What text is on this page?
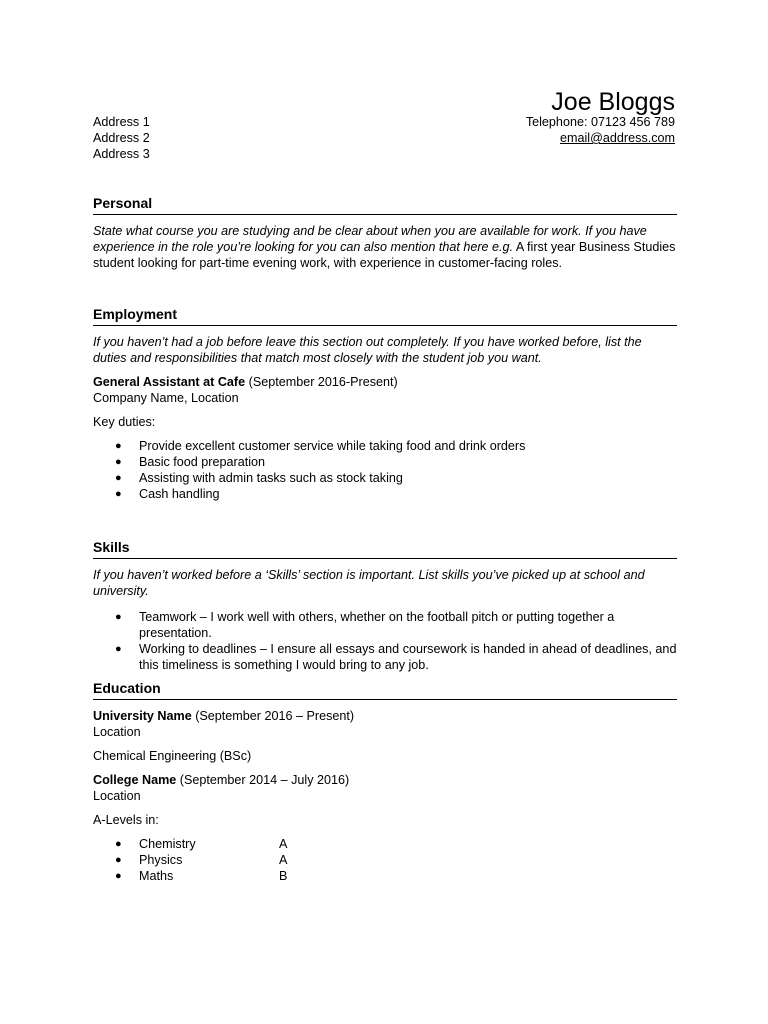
Joe Bloggs
Address 1
Address 2
Address 3
Telephone: 07123 456 789
email@address.com
Personal

State what course you are studying and be clear about when you are available for work. If you have experience in the role you’re looking for you can also mention that here e.g. A first year Business Studies student looking for part-time evening work, with experience in customer-facing roles.

Employment

If you haven’t had a job before leave this section out completely. If you have worked before, list the duties and responsibilities that match most closely with the student job you want.

General Assistant at Cafe (September 2016-Present)

Company Name, Location

Key duties:

● Provide excellent customer service while taking food and drink orders
● Basic food preparation
● Assisting with admin tasks such as stock taking
● Cash handling
Skills

If you haven’t worked before a ‘Skills’ section is important. List skills you’ve picked up at school and university.

● Teamwork – I work well with others, whether on the football pitch or putting together a presentation.
● Working to deadlines – I ensure all essays and coursework is handed in ahead of deadlines, and this timeliness is something I would bring to any job.
Education

University Name (September 2016 – Present)

Location

Chemical Engineering (BSc)

College Name (September 2014 – July 2016)

Location

A-Levels in:

● Chemistry	A
● Physics	A
● Maths	B
